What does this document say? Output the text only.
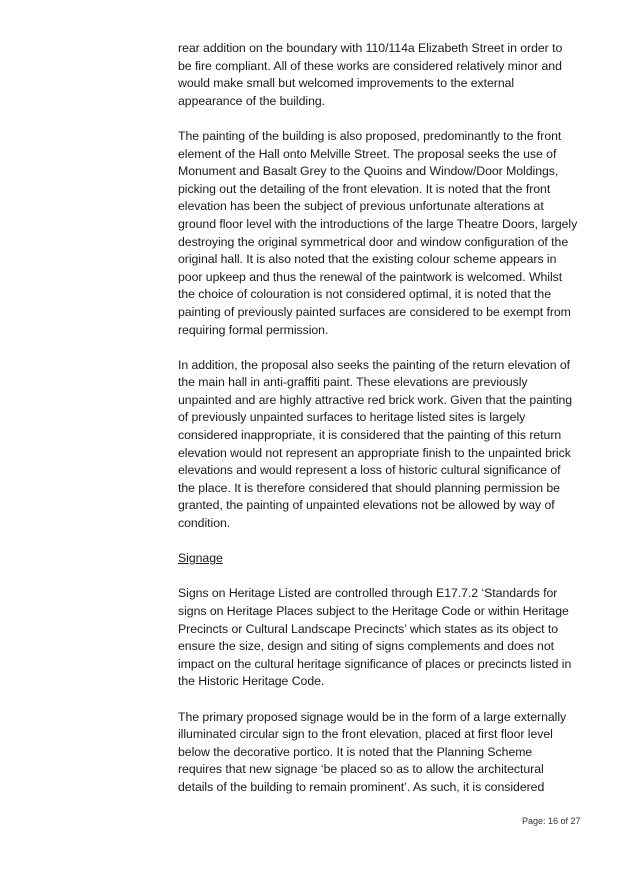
rear addition on the boundary with 110/114a Elizabeth Street in order to
be fire compliant. All of these works are considered relatively minor and
would make small but welcomed improvements to the external
appearance of the building.
The painting of the building is also proposed, predominantly to the front
element of the Hall onto Melville Street. The proposal seeks the use of
Monument and Basalt Grey to the Quoins and Window/Door Moldings,
picking out the detailing of the front elevation. It is noted that the front
elevation has been the subject of previous unfortunate alterations at
ground floor level with the introductions of the large Theatre Doors, largely
destroying the original symmetrical door and window configuration of the
original hall. It is also noted that the existing colour scheme appears in
poor upkeep and thus the renewal of the paintwork is welcomed. Whilst
the choice of colouration is not considered optimal, it is noted that the
painting of previously painted surfaces are considered to be exempt from
requiring formal permission.
In addition, the proposal also seeks the painting of the return elevation of
the main hall in anti-graffiti paint. These elevations are previously
unpainted and are highly attractive red brick work. Given that the painting
of previously unpainted surfaces to heritage listed sites is largely
considered inappropriate, it is considered that the painting of this return
elevation would not represent an appropriate finish to the unpainted brick
elevations and would represent a loss of historic cultural significance of
the place. It is therefore considered that should planning permission be
granted, the painting of unpainted elevations not be allowed by way of
condition.
Signage
Signs on Heritage Listed are controlled through E17.7.2 ‘Standards for
signs on Heritage Places subject to the Heritage Code or within Heritage
Precincts or Cultural Landscape Precincts’ which states as its object to
ensure the size, design and siting of signs complements and does not
impact on the cultural heritage significance of places or precincts listed in
the Historic Heritage Code.
The primary proposed signage would be in the form of a large externally
illuminated circular sign to the front elevation, placed at first floor level
below the decorative portico. It is noted that the Planning Scheme
requires that new signage ‘be placed so as to allow the architectural
details of the building to remain prominent’. As such, it is considered
Page: 16 of 27
